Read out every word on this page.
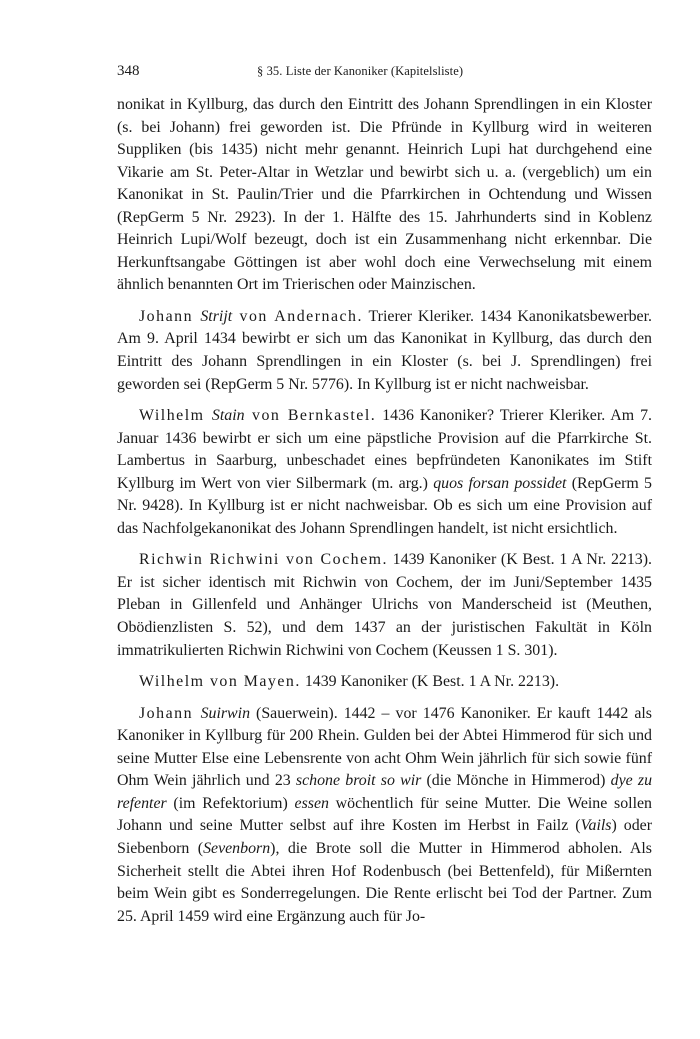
348	§ 35. Liste der Kanoniker (Kapitelsliste)

nonikat in Kyllburg, das durch den Eintritt des Johann Sprendlingen in ein Kloster (s. bei Johann) frei geworden ist. Die Pfründe in Kyllburg wird in weiteren Suppliken (bis 1435) nicht mehr genannt. Heinrich Lupi hat durchgehend eine Vikarie am St. Peter-Altar in Wetzlar und bewirbt sich u. a. (vergeblich) um ein Kanonikat in St. Paulin/Trier und die Pfarrkirchen in Ochtendung und Wissen (RepGerm 5 Nr. 2923). In der 1. Hälfte des 15. Jahrhunderts sind in Koblenz Heinrich Lupi/Wolf bezeugt, doch ist ein Zusammenhang nicht erkennbar. Die Herkunftsangabe Göttingen ist aber wohl doch eine Verwechselung mit einem ähnlich benannten Ort im Trierischen oder Mainzischen.

Johann Strijt von Andernach. Trierer Kleriker. 1434 Kanonikatsbewerber. Am 9. April 1434 bewirbt er sich um das Kanonikat in Kyllburg, das durch den Eintritt des Johann Sprendlingen in ein Kloster (s. bei J. Sprendlingen) frei geworden sei (RepGerm 5 Nr. 5776). In Kyllburg ist er nicht nachweisbar.

Wilhelm Stain von Bernkastel. 1436 Kanoniker? Trierer Kleriker. Am 7. Januar 1436 bewirbt er sich um eine päpstliche Provision auf die Pfarrkirche St. Lambertus in Saarburg, unbeschadet eines bepfründeten Kanonikates im Stift Kyllburg im Wert von vier Silbermark (m. arg.) quos forsan possidet (RepGerm 5 Nr. 9428). In Kyllburg ist er nicht nachweisbar. Ob es sich um eine Provision auf das Nachfolgekanonikat des Johann Sprendlingen handelt, ist nicht ersichtlich.

Richwin Richwini von Cochem. 1439 Kanoniker (K Best. 1 A Nr. 2213). Er ist sicher identisch mit Richwin von Cochem, der im Juni/September 1435 Pleban in Gillenfeld und Anhänger Ulrichs von Manderscheid ist (Meuthen, Obödienzlisten S. 52), und dem 1437 an der juristischen Fakultät in Köln immatrikulierten Richwin Richwini von Cochem (Keussen 1 S. 301).

Wilhelm von Mayen. 1439 Kanoniker (K Best. 1 A Nr. 2213).

Johann Suirwin (Sauerwein). 1442 – vor 1476 Kanoniker. Er kauft 1442 als Kanoniker in Kyllburg für 200 Rhein. Gulden bei der Abtei Himmerod für sich und seine Mutter Else eine Lebensrente von acht Ohm Wein jährlich für sich sowie fünf Ohm Wein jährlich und 23 schone broit so wir (die Mönche in Himmerod) dye zu refenter (im Refektorium) essen wöchentlich für seine Mutter. Die Weine sollen Johann und seine Mutter selbst auf ihre Kosten im Herbst in Failz (Vails) oder Siebenborn (Sevenborn), die Brote soll die Mutter in Himmerod abholen. Als Sicherheit stellt die Abtei ihren Hof Rodenbusch (bei Bettenfeld), für Mißernten beim Wein gibt es Sonderregelungen. Die Rente erlischt bei Tod der Partner. Zum 25. April 1459 wird eine Ergänzung auch für Jo-
